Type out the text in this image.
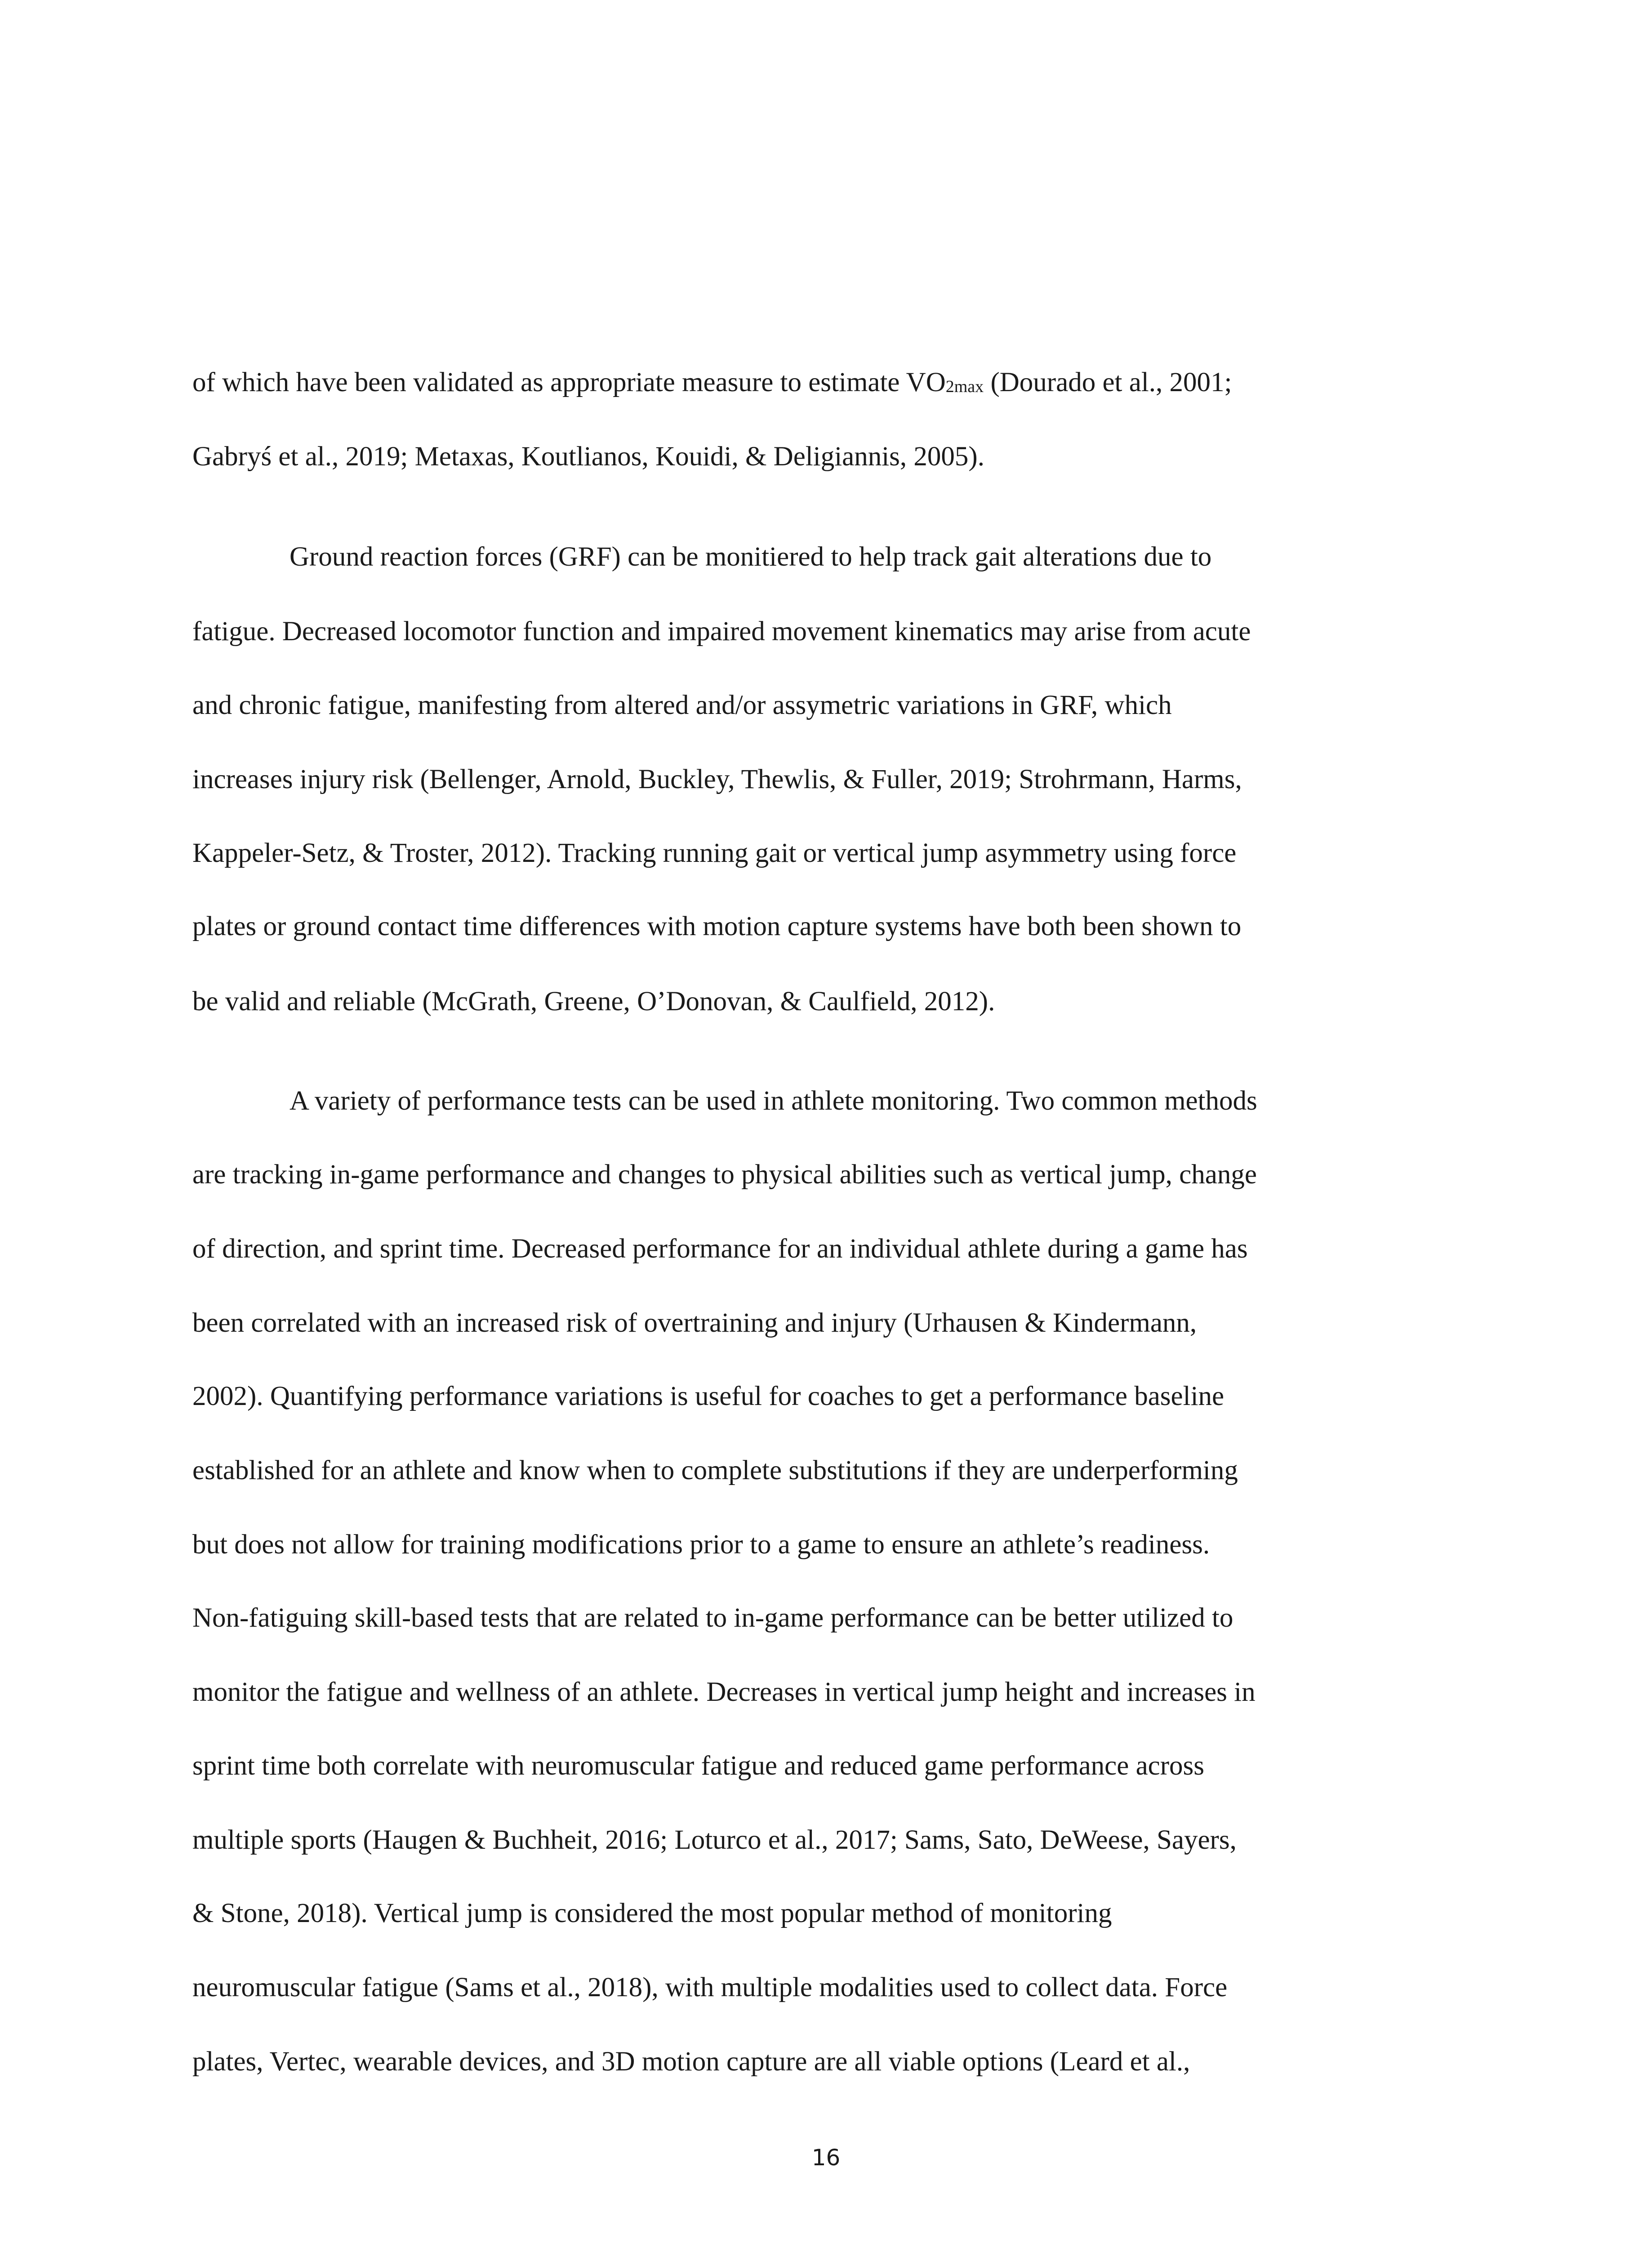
of which have been validated as appropriate measure to estimate $VO_{2max}$ (Dourado et al., 2001;
Gabryś et al., 2019; Metaxas, Koutlianos, Kouidi, & Deligiannis, 2005).
Ground reaction forces (GRF) can be monitiered to help track gait alterations due to
fatigue. Decreased locomotor function and impaired movement kinematics may arise from acute
and chronic fatigue, manifesting from altered and/or assymetric variations in GRF, which
increases injury risk (Bellenger, Arnold, Buckley, Thewlis, & Fuller, 2019; Strohrmann, Harms,
Kappeler-Setz, & Troster, 2012). Tracking running gait or vertical jump asymmetry using force
plates or ground contact time differences with motion capture systems have both been shown to
be valid and reliable (McGrath, Greene, O’Donovan, & Caulfield, 2012).
A variety of performance tests can be used in athlete monitoring. Two common methods
are tracking in-game performance and changes to physical abilities such as vertical jump, change
of direction, and sprint time. Decreased performance for an individual athlete during a game has
been correlated with an increased risk of overtraining and injury (Urhausen & Kindermann,
2002). Quantifying performance variations is useful for coaches to get a performance baseline
established for an athlete and know when to complete substitutions if they are underperforming
but does not allow for training modifications prior to a game to ensure an athlete’s readiness.
Non-fatiguing skill-based tests that are related to in-game performance can be better utilized to
monitor the fatigue and wellness of an athlete. Decreases in vertical jump height and increases in
sprint time both correlate with neuromuscular fatigue and reduced game performance across
multiple sports (Haugen & Buchheit, 2016; Loturco et al., 2017; Sams, Sato, DeWeese, Sayers,
& Stone, 2018). Vertical jump is considered the most popular method of monitoring
neuromuscular fatigue (Sams et al., 2018), with multiple modalities used to collect data. Force
plates, Vertec, wearable devices, and 3D motion capture are all viable options (Leard et al.,
16
